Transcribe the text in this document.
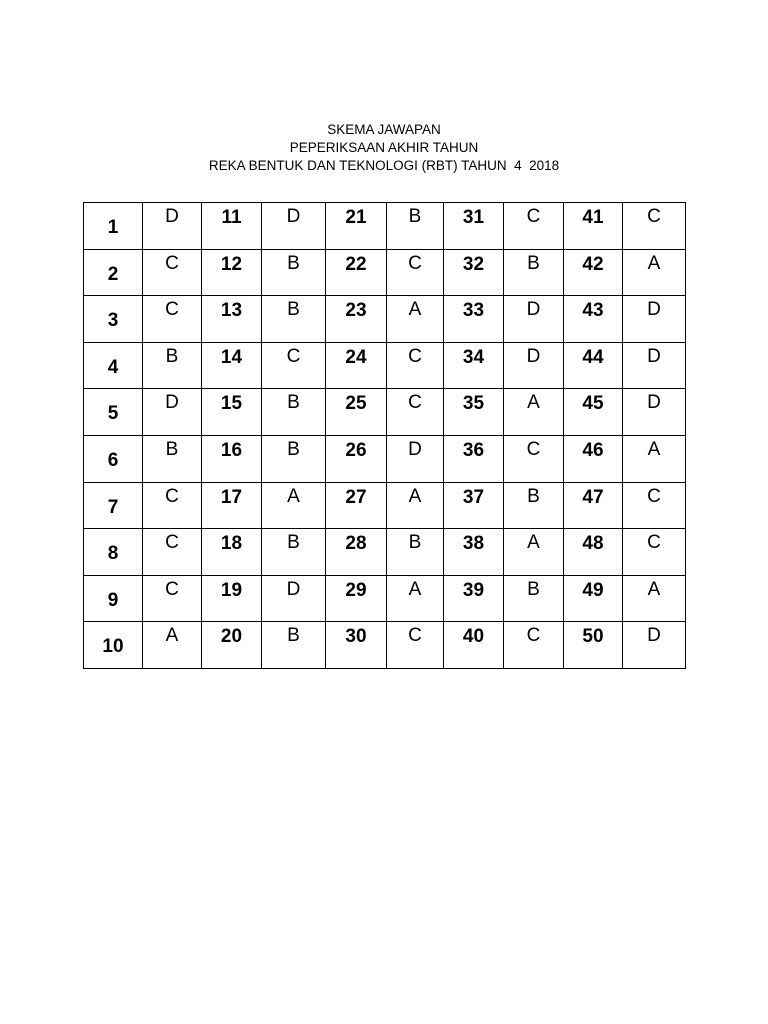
SKEMA JAWAPAN
PEPERIKSAAN AKHIR TAHUN
REKA BENTUK DAN TEKNOLOGI (RBT) TAHUN  4  2018
1	D	11	D	21	B	31	C	41	C

2	C	12	B	22	C	32	B	42	A

3	C	13	B	23	A	33	D	43	D

4	B	14	C	24	C	34	D	44	D

5	D	15	B	25	C	35	A	45	D

6	B	16	B	26	D	36	C	46	A

7	C	17	A	27	A	37	B	47	C

8	C	18	B	28	B	38	A	48	C

9	C	19	D	29	A	39	B	49	A

10	A	20	B	30	C	40	C	50	D
